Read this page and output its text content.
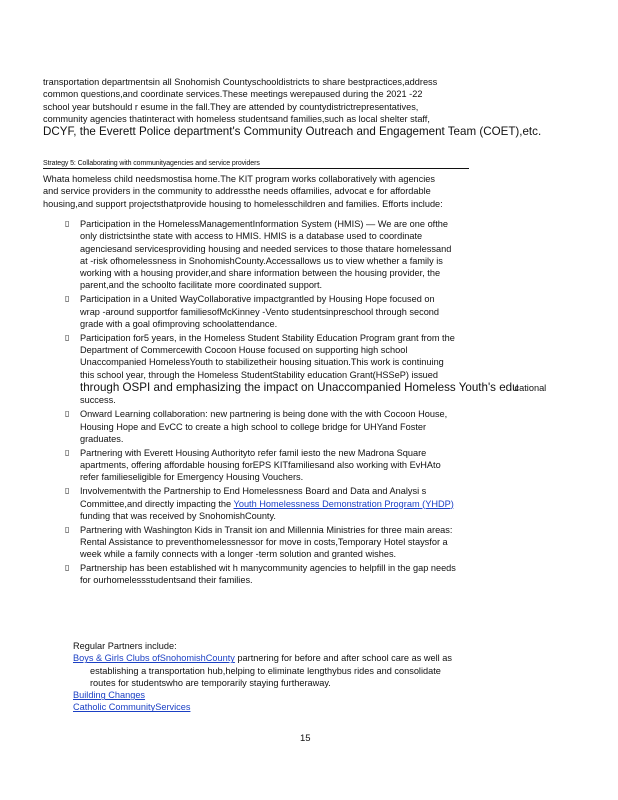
transportation departmentsin all Snohomish Countyschooldistricts to share bestpractices,address
common questions,and coordinate services.These meetings werepaused during the 2021 -22
school year butshould r esume in the fall.They are attended by countydistrictrepresentatives,
community agencies thatinteract with homeless studentsand families,such as local shelter staff,
DCYF, the Everett Police department's Community Outreach and Engagement Team (COET),etc.
Strategy 5: Collaborating with communityagencies and service providers
Whata homeless child needsmostisa home.The KIT program works collaboratively with agencies
and service providers in the community to addressthe needs offamilies, advocat e for affordable
housing,and support projectsthatprovide housing to homelesschildren and families. Efforts include:
▯ Participation in the HomelessManagementInformation System (HMIS) — We are one ofthe
only districtsinthe state with access to HMIS. HMIS is a database used to coordinate
agenciesand servicesproviding housing and needed services to those thatare homelessand
at -risk ofhomelessness in SnohomishCounty.Accessallows us to view whether a family is
working with a housing provider,and share information between the housing provider, the
parent,and the schoolto facilitate more coordinated support.
▯ Participation in a United WayCollaborative impactgrantled by Housing Hope focused on
wrap -around supportfor familiesofMcKinney -Vento studentsinpreschool through second
grade with a goal ofimproving schoolattendance.
▯ Participation for5 years, in the Homeless Student Stability Education Program grant from the
Department of Commercewith Cocoon House focused on supporting high school
Unaccompanied HomelessYouth to stabilizetheir housing situation.This work is continuing
this school year, through the Homeless StudentStability education Grant(HSSeP) issued
through OSPI and emphasizing the impact on Unaccompanied Homeless Youth's educational
success.
▯ Onward Learning collaboration: new partnering is being done with the with Cocoon House,
Housing Hope and EvCC to create a high school to college bridge for UHYand Foster
graduates.
▯ Partnering with Everett Housing Authorityto refer famil iesto the new Madrona Square
apartments, offering affordable housing forEPS KITfamiliesand also working with EvHAto
refer familieseligible for Emergency Housing Vouchers.
▯ Involvementwith the Partnership to End Homelessness Board and Data and Analysi s
Committee,and directly impacting the Youth Homelessness Demonstration Program (YHDP)
funding that was received by SnohomishCounty.
▯ Partnering with Washington Kids in Transit ion and Millennia Ministries for three main areas:
Rental Assistance to preventhomelessnessor for move in costs,Temporary Hotel staysfor a
week while a family connects with a longer -term solution and granted wishes.
▯ Partnership has been established wit h manycommunity agencies to helpfill in the gap needs
for ourhomelessstudentsand their families.
Regular Partners include:
Boys & Girls Clubs ofSnohomishCounty partnering for before and after school care as well as
establishing a transportation hub,helping to eliminate lengthybus rides and consolidate
routes for studentswho are temporarily staying furtheraway.
Building Changes
Catholic CommunityServices
15
